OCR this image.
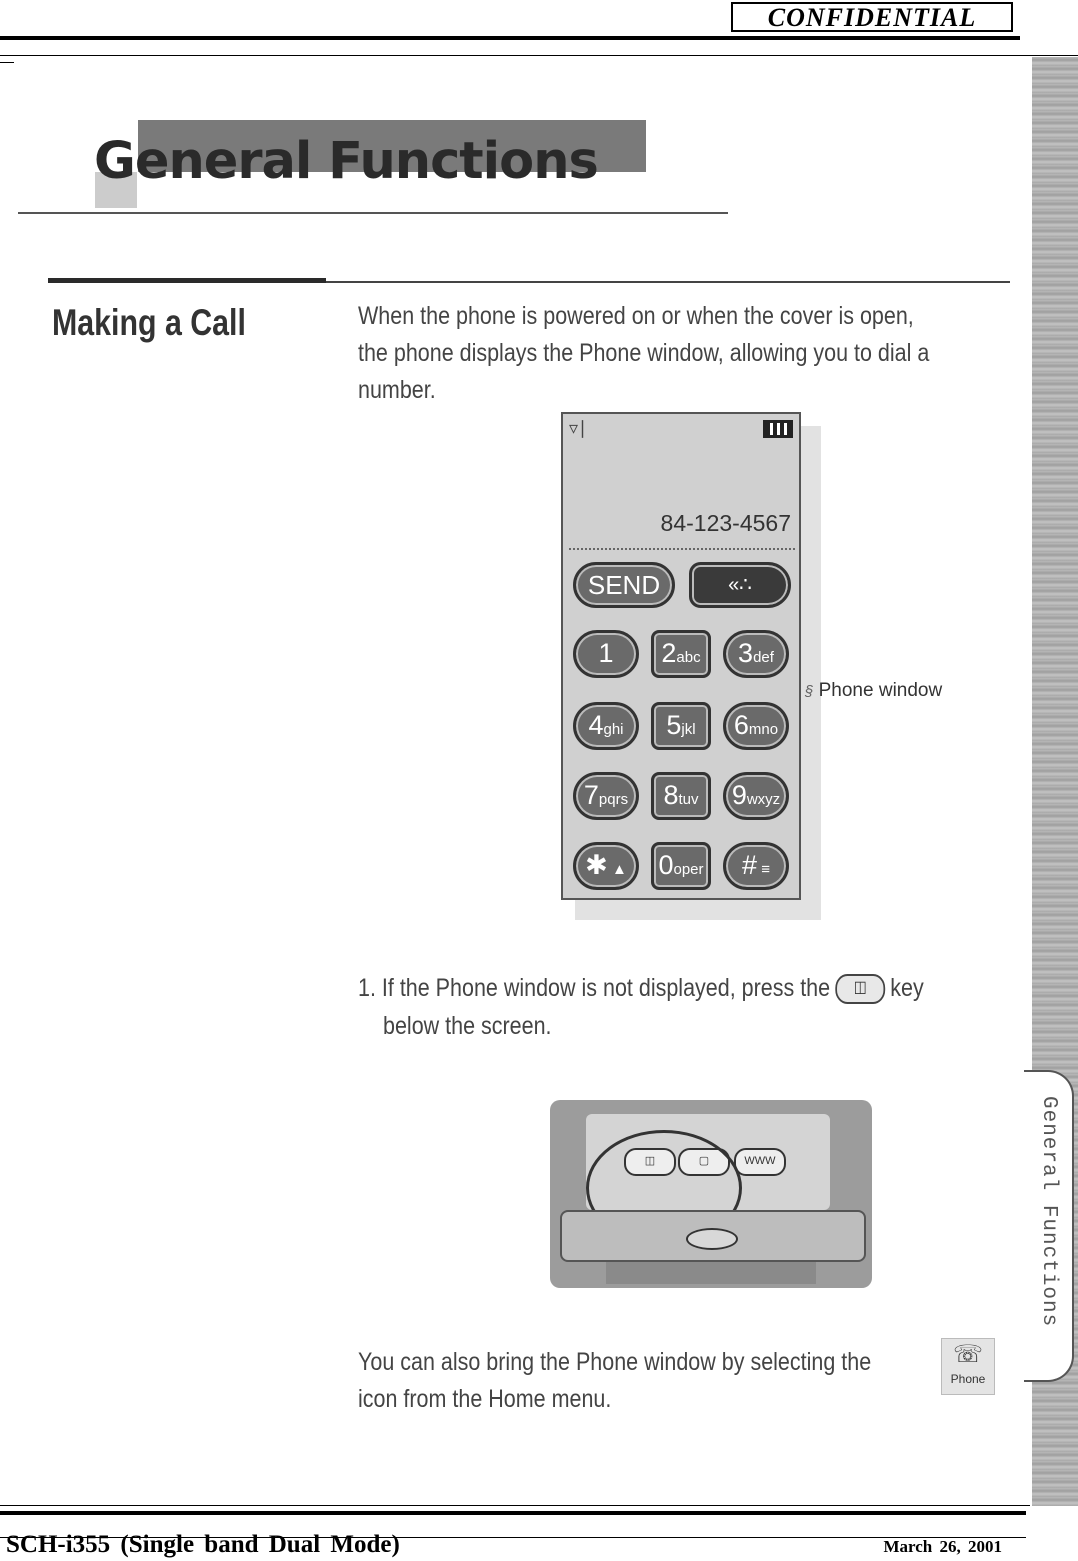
CONFIDENTIAL
General Functions
General Functions
Making a Call	When the phone is powered on or when the cover is open,
the phone displays the Phone window, allowing you to dial a
number.
▿∣
84-123-4567
SEND	«∴
1	2abc	3def
4ghi	5jkl	6mno
7pqrs	8tuv	9wxyz
✱ ▲	0oper	# ≡
§ Phone window
1. If the Phone window is not displayed, press the ◫ key
below the screen.
◫	▢	WWW
You can also bring the Phone window by selecting the
icon from the Home menu.
☏
Phone
SCH-i355 (Single band Dual Mode)	March 26, 2001
